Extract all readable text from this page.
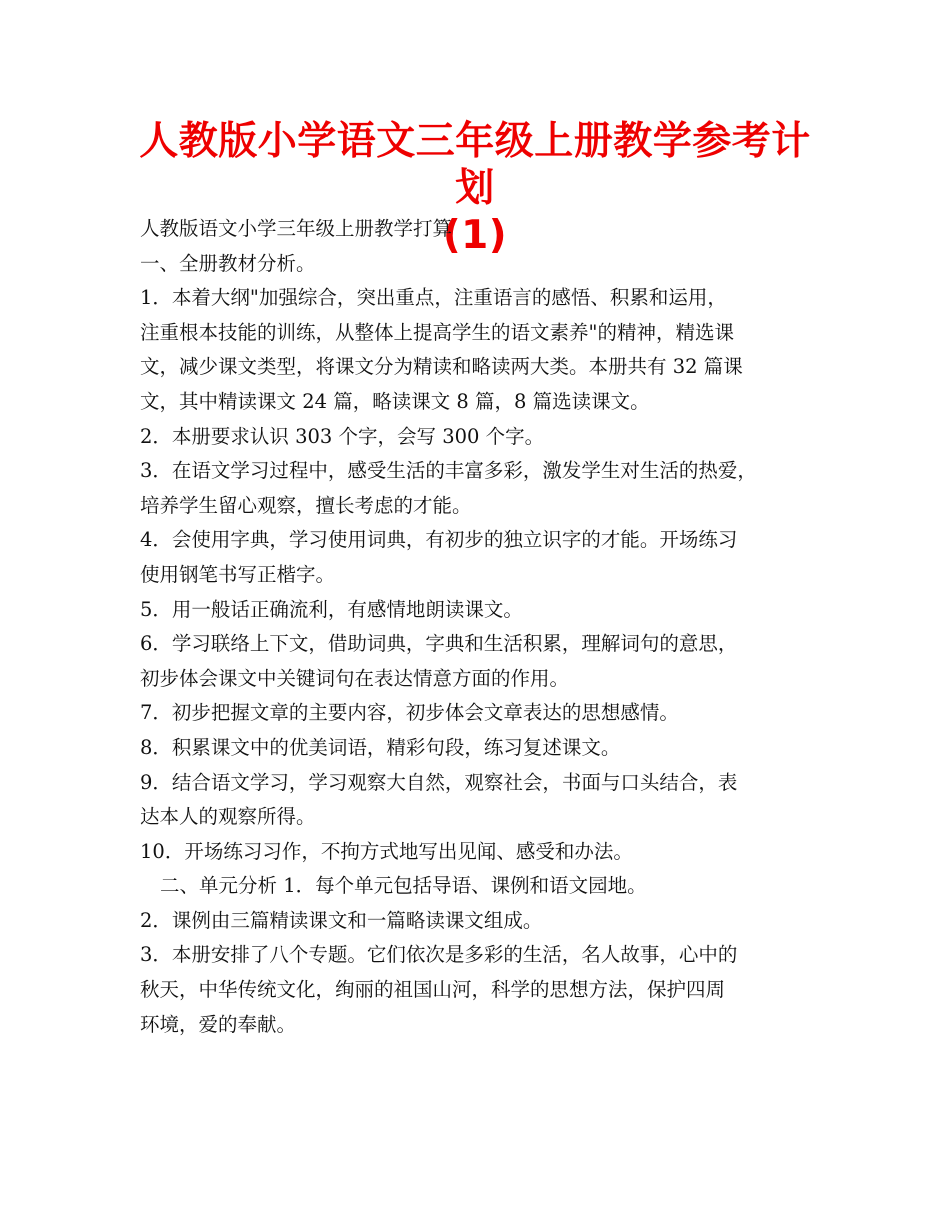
人教版小学语文三年级上册教学参考计划
(1)

人教版语文小学三年级上册教学打算

一、全册教材分析。

1．本着大纲"加强综合，突出重点，注重语言的感悟、积累和运用，

注重根本技能的训练，从整体上提高学生的语文素养"的精神，精选课

文，减少课文类型，将课文分为精读和略读两大类。本册共有 32 篇课

文，其中精读课文 24 篇，略读课文 8 篇，8 篇选读课文。

2．本册要求认识 303 个字，会写 300 个字。

3．在语文学习过程中，感受生活的丰富多彩，激发学生对生活的热爱，

培养学生留心观察，擅长考虑的才能。

4．会使用字典，学习使用词典，有初步的独立识字的才能。开场练习

使用钢笔书写正楷字。

5．用一般话正确流利，有感情地朗读课文。

6．学习联络上下文，借助词典，字典和生活积累，理解词句的意思，

初步体会课文中关键词句在表达情意方面的作用。

7．初步把握文章的主要内容，初步体会文章表达的思想感情。

8．积累课文中的优美词语，精彩句段，练习复述课文。

9．结合语文学习，学习观察大自然，观察社会，书面与口头结合，表

达本人的观察所得。

10．开场练习习作，不拘方式地写出见闻、感受和办法。

二、单元分析 1．每个单元包括导语、课例和语文园地。

2．课例由三篇精读课文和一篇略读课文组成。

3．本册安排了八个专题。它们依次是多彩的生活，名人故事，心中的

秋天，中华传统文化，绚丽的祖国山河，科学的思想方法，保护四周

环境，爱的奉献。
